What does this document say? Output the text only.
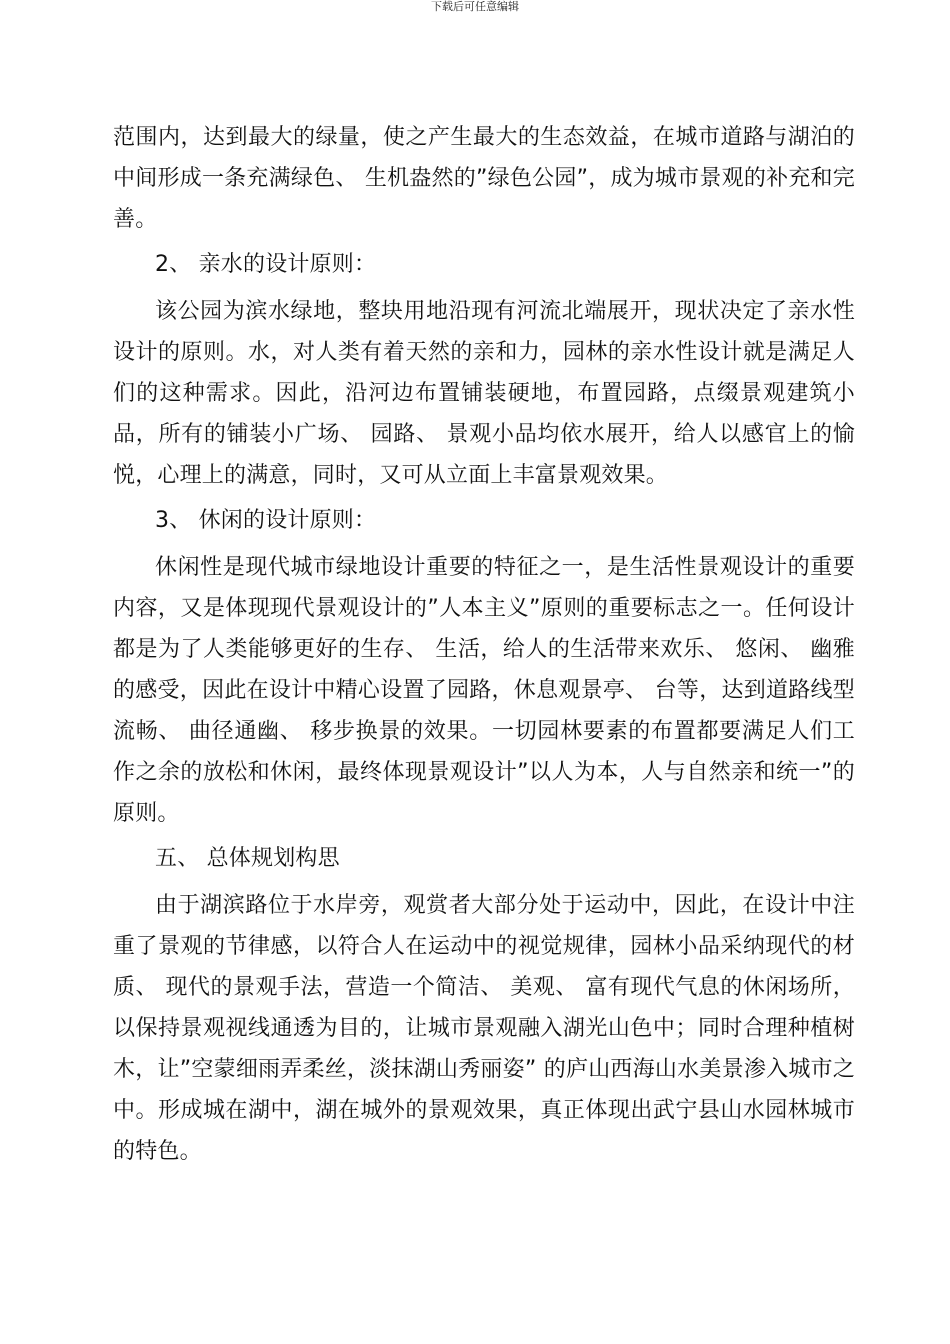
下载后可任意编辑

范围内，达到最大的绿量，使之产生最大的生态效益，在城市道路与湖泊的中间形成一条充满绿色、 生机盎然的”绿色公园”，成为城市景观的补充和完善。

2、 亲水的设计原则：

该公园为滨水绿地，整块用地沿现有河流北端展开，现状决定了亲水性设计的原则。水，对人类有着天然的亲和力，园林的亲水性设计就是满足人们的这种需求。因此，沿河边布置铺装硬地，布置园路，点缀景观建筑小品，所有的铺装小广场、 园路、 景观小品均依水展开，给人以感官上的愉悦，心理上的满意，同时，又可从立面上丰富景观效果。

3、 休闲的设计原则：

休闲性是现代城市绿地设计重要的特征之一，是生活性景观设计的重要内容，又是体现现代景观设计的”人本主义”原则的重要标志之一。任何设计都是为了人类能够更好的生存、 生活，给人的生活带来欢乐、 悠闲、 幽雅的感受，因此在设计中精心设置了园路，休息观景亭、 台等，达到道路线型流畅、 曲径通幽、 移步换景的效果。一切园林要素的布置都要满足人们工作之余的放松和休闲，最终体现景观设计”以人为本，人与自然亲和统一”的原则。

五、 总体规划构思

由于湖滨路位于水岸旁，观赏者大部分处于运动中，因此，在设计中注重了景观的节律感，以符合人在运动中的视觉规律，园林小品采纳现代的材质、 现代的景观手法，营造一个简洁、 美观、 富有现代气息的休闲场所，以保持景观视线通透为目的，让城市景观融入湖光山色中；同时合理种植树木，让”空蒙细雨弄柔丝，淡抹湖山秀丽姿” 的庐山西海山水美景渗入城市之中。形成城在湖中，湖在城外的景观效果，真正体现出武宁县山水园林城市的特色。
